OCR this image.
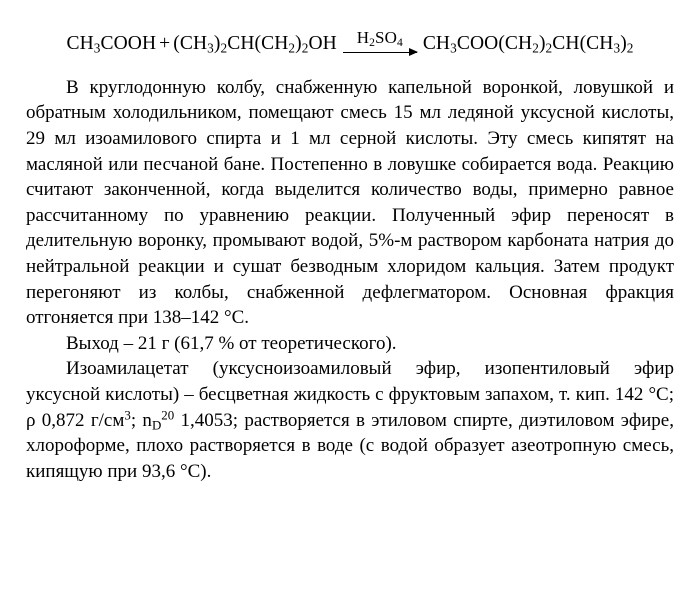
$CH_3COOH + (CH_3)_2CH(CH_2)_2OH$ $H_2SO_4$ $CH_3COO(CH_2)_2CH(CH_3)_2$

В круглодонную колбу, снабженную капельной воронкой, ловушкой и обратным холодильником, помещают смесь 15 мл ледяной уксусной кислоты, 29 мл изоамилового спирта и 1 мл серной кислоты. Эту смесь кипятят на масляной или песчаной бане. Постепенно в ловушке собирается вода. Реакцию считают законченной, когда выделится количество воды, примерно равное рассчитанному по уравнению реакции. Полученный эфир переносят в делительную воронку, промывают водой, 5%-м раствором карбоната натрия до нейтральной реакции и сушат безводным хлоридом кальция. Затем продукт перегоняют из колбы, снабженной дефлегматором. Основная фракция отгоняется при 138–142 °С.

Выход – 21 г (61,7 % от теоретического).

Изоамилацетат (уксусноизоамиловый эфир, изопентиловый эфир уксусной кислоты) – бесцветная жидкость с фруктовым запахом, т. кип. 142 °С; ρ 0,872 $г/см^3$; $n_D^{20}$ 1,4053; растворяется в этиловом спирте, диэтиловом эфире, хлороформе, плохо растворяется в воде (с водой образует азеотропную смесь, кипящую при 93,6 °С).
